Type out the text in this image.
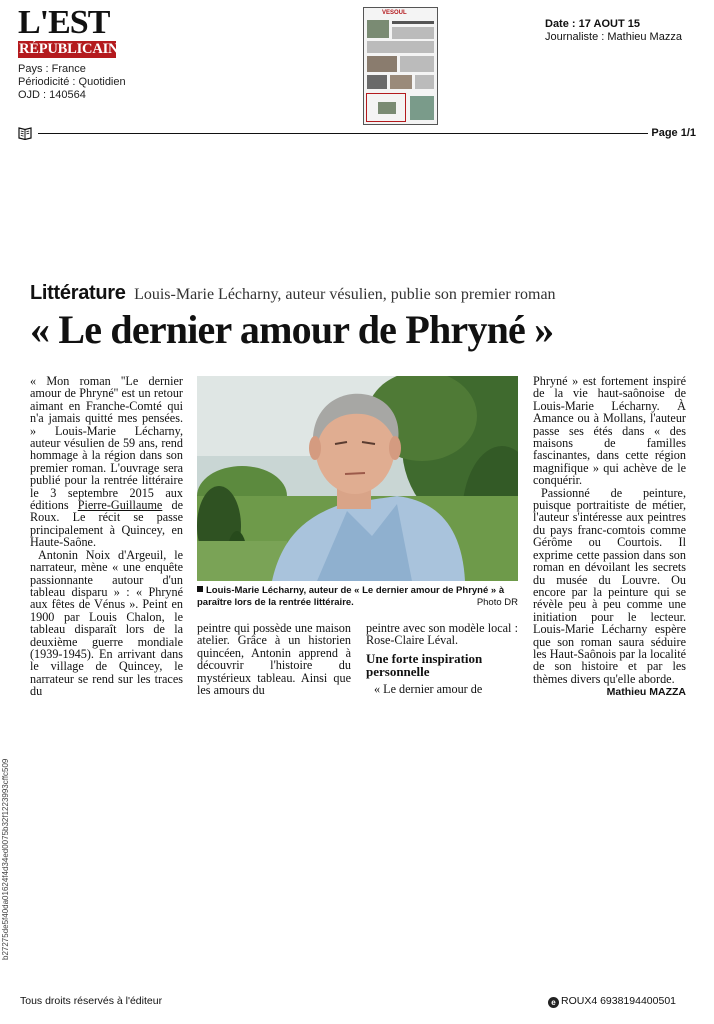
L'EST
RÉPUBLICAIN
Pays : France
Périodicité : Quotidien
OJD : 140564
VESOUL
Date : 17 AOUT 15
Journaliste : Mathieu Mazza
Page 1/1
Littérature Louis-Marie Lécharny, auteur vésulien, publie son premier roman
« Le dernier amour de Phryné »

« Mon roman ''Le dernier amour de Phryné'' est un retour aimant en Franche-Comté qui n'a jamais quitté mes pensées. » Louis-Marie Lécharny, auteur vésulien de 59 ans, rend hommage à la région dans son premier roman. L'ouvrage sera publié pour la rentrée littéraire le 3 septembre 2015 aux éditions Pierre-Guillaume de Roux. Le récit se passe principalement à Quincey, en Haute-Saône.

Antonin Noix d'Argeuil, le narrateur, mène « une enquête passionnante autour d'un tableau disparu » : « Phryné aux fêtes de Vénus ». Peint en 1900 par Louis Chalon, le tableau disparaît lors de la deuxième guerre mondiale (1939-1945). En arrivant dans le village de Quincey, le narrateur se rend sur les traces du

Louis-Marie Lécharny, auteur de « Le dernier amour de Phryné » à paraître lors de la rentrée littéraire.	Photo DR

peintre qui possède une maison atelier. Grâce à un historien quincéen, Antonin apprend à découvrir l'histoire du mystérieux tableau. Ainsi que les amours du

peintre avec son modèle local : Rose-Claire Léval.

Une forte inspiration personnelle

« Le dernier amour de

Phryné » est fortement inspiré de la vie haut-saônoise de Louis-Marie Lécharny. À Amance ou à Mollans, l'auteur passe ses étés dans « des maisons de familles fascinantes, dans cette région magnifique » qui achève de le conquérir.

Passionné de peinture, puisque portraitiste de métier, l'auteur s'intéresse aux peintres du pays franc-comtois comme Gérôme ou Courtois. Il exprime cette passion dans son roman en dévoilant les secrets du musée du Louvre. Ou encore par la peinture qui se révèle peu à peu comme une initiation pour le lecteur. Louis-Marie Lécharny espère que son roman saura séduire les Haut-Saônois par la localité de son histoire et par les thèmes divers qu'elle aborde.

Mathieu MAZZA
b27275de5f40da01624f4d34ed0075b32f1223993cffc509
Tous droits réservés à l'éditeur	e ROUX4 6938194400501
